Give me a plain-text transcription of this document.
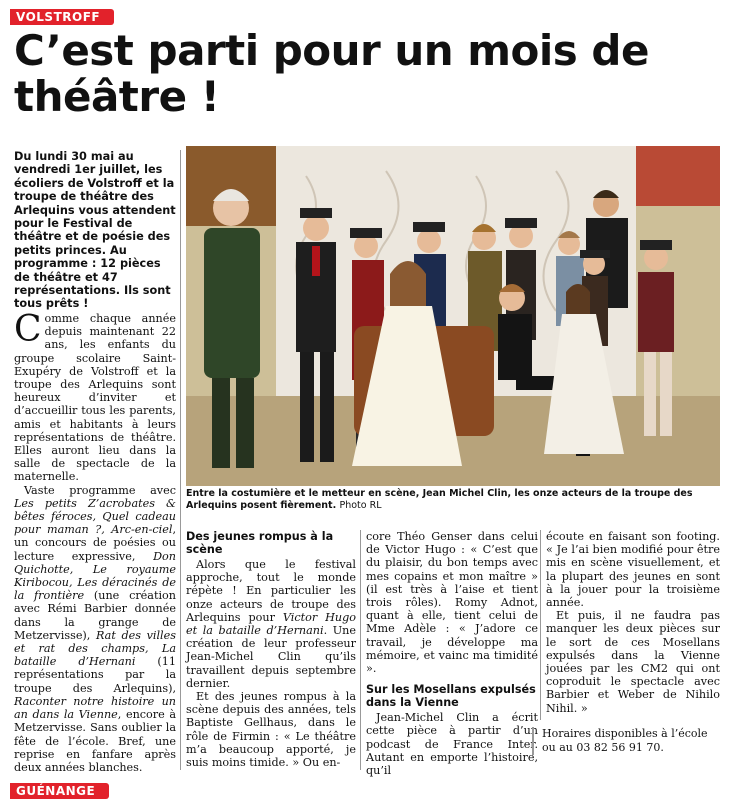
VOLSTROFF
C’est parti pour un mois de théâtre !

Du lundi 30 mai au vendredi 1er juillet, les écoliers de Volstroff et la troupe de théâtre des Arlequins vous attendent pour le Festival de théâtre et de poésie des petits princes. Au programme : 12 pièces de théâtre et 47 représentations. Ils sont tous prêts !

Comme chaque année depuis maintenant 22 ans, les enfants du groupe scolaire Saint-Exupéry de Volstroff et la troupe des Arlequins sont heureux d’inviter et d’accueillir tous les parents, amis et habitants à leurs représentations de théâtre. Elles auront lieu dans la salle de spectacle de la maternelle.

Vaste programme avec Les petits Z’acrobates & bêtes féroces, Quel cadeau pour maman ?, Arc-en-ciel, un concours de poésies ou lecture expressive, Don Quichotte, Le royaume Kiribocou, Les déracinés de la frontière (une création avec Rémi Barbier donnée dans la grange de Metzervisse), Rat des villes et rat des champs, La bataille d’Hernani (11 représentations par la troupe des Arlequins), Raconter notre histoire un an dans la Vienne, encore à Metzervisse. Sans oublier la fête de l’école. Bref, une reprise en fanfare après deux années blanches.

Entre la costumière et le metteur en scène, Jean Michel Clin, les onze acteurs de la troupe des Arlequins posent fièrement. Photo RL

Des jeunes rompus à la scène

Alors que le festival approche, tout le monde répète ! En particulier les onze acteurs de troupe des Arlequins pour Victor Hugo et la bataille d’Hernani. Une création de leur professeur Jean-Michel Clin qu’ils travaillent depuis septembre dernier.

Et des jeunes rompus à la scène depuis des années, tels Baptiste Gellhaus, dans le rôle de Firmin : « Le théâtre m’a beaucoup apporté, je suis moins timide. » Ou en-

core Théo Genser dans celui de Victor Hugo : « C’est que du plaisir, du bon temps avec mes copains et mon maître » (il est très à l’aise et tient trois rôles). Romy Adnot, quant à elle, tient celui de Mme Adèle : « J’adore ce travail, je développe ma mémoire, et vainc ma timidité ».

Sur les Mosellans expulsés dans la Vienne

Jean-Michel Clin a écrit cette pièce à partir d’un podcast de France Inter. Autant en emporte l’histoire, qu’il

écoute en faisant son footing. « Je l’ai bien modifié pour être mis en scène visuellement, et la plupart des jeunes en sont à la jouer pour la troisième année.

Et puis, il ne faudra pas manquer les deux pièces sur le sort de ces Mosellans expulsés dans la Vienne jouées par les CM2 qui ont coproduit le spectacle avec Barbier et Weber de Nihilo Nihil. »

Horaires disponibles à l’école
ou au 03 82 56 91 70.
GUÉNANGE
